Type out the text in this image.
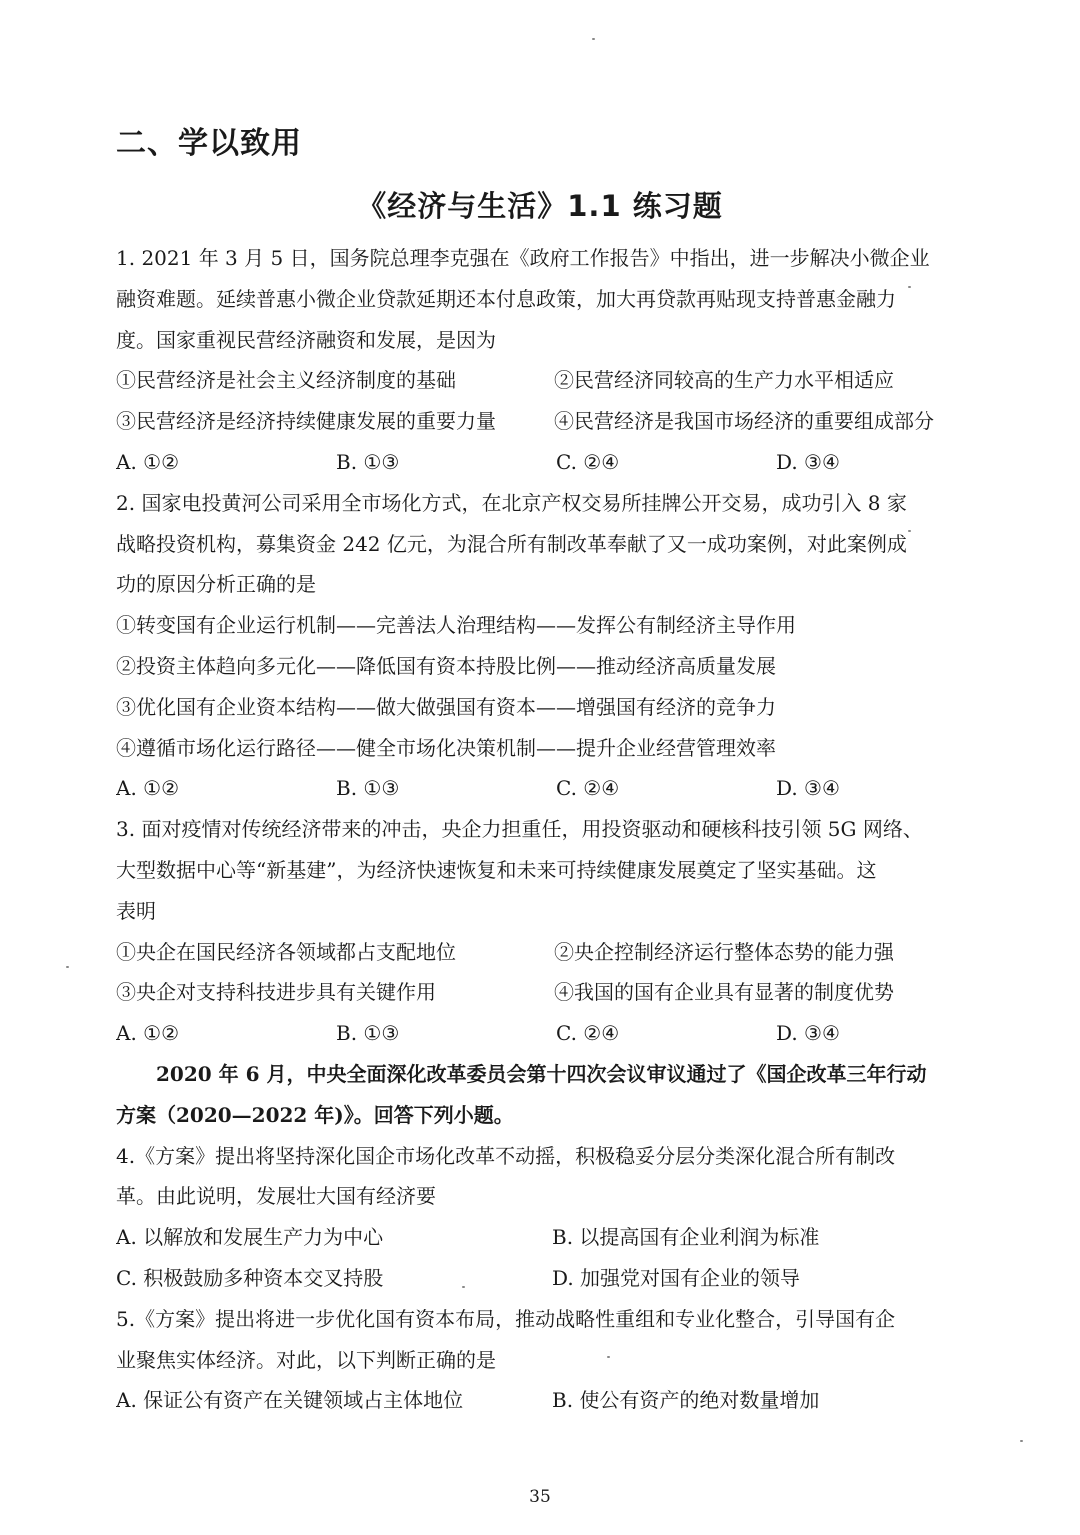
二、学以致用
《经济与生活》1.1 练习题
1. 2021 年 3 月 5 日，国务院总理李克强在《政府工作报告》中指出，进一步解决小微企业
融资难题。延续普惠小微企业贷款延期还本付息政策，加大再贷款再贴现支持普惠金融力
度。国家重视民营经济融资和发展，是因为
①民营经济是社会主义经济制度的基础	②民营经济同较高的生产力水平相适应
③民营经济是经济持续健康发展的重要力量	④民营经济是我国市场经济的重要组成部分
A. ①②	B. ①③	C. ②④	D. ③④
2. 国家电投黄河公司采用全市场化方式，在北京产权交易所挂牌公开交易，成功引入 8 家
战略投资机构，募集资金 242 亿元，为混合所有制改革奉献了又一成功案例，对此案例成
功的原因分析正确的是
①转变国有企业运行机制——完善法人治理结构——发挥公有制经济主导作用
②投资主体趋向多元化——降低国有资本持股比例——推动经济高质量发展
③优化国有企业资本结构——做大做强国有资本——增强国有经济的竞争力
④遵循市场化运行路径——健全市场化决策机制——提升企业经营管理效率
A. ①②	B. ①③	C. ②④	D. ③④
3. 面对疫情对传统经济带来的冲击，央企力担重任，用投资驱动和硬核科技引领 5G 网络、
大型数据中心等“新基建”，为经济快速恢复和未来可持续健康发展奠定了坚实基础。这
表明
①央企在国民经济各领域都占支配地位	②央企控制经济运行整体态势的能力强
③央企对支持科技进步具有关键作用	④我国的国有企业具有显著的制度优势
A. ①②	B. ①③	C. ②④	D. ③④
2020 年 6 月，中央全面深化改革委员会第十四次会议审议通过了《国企改革三年行动
方案（2020—2022 年)》。回答下列小题。
4.《方案》提出将坚持深化国企市场化改革不动摇，积极稳妥分层分类深化混合所有制改
革。由此说明，发展壮大国有经济要
A. 以解放和发展生产力为中心	B. 以提高国有企业利润为标准
C. 积极鼓励多种资本交叉持股	D. 加强党对国有企业的领导
5.《方案》提出将进一步优化国有资本布局，推动战略性重组和专业化整合，引导国有企
业聚焦实体经济。对此，以下判断正确的是
A. 保证公有资产在关键领域占主体地位	B. 使公有资产的绝对数量增加
35
